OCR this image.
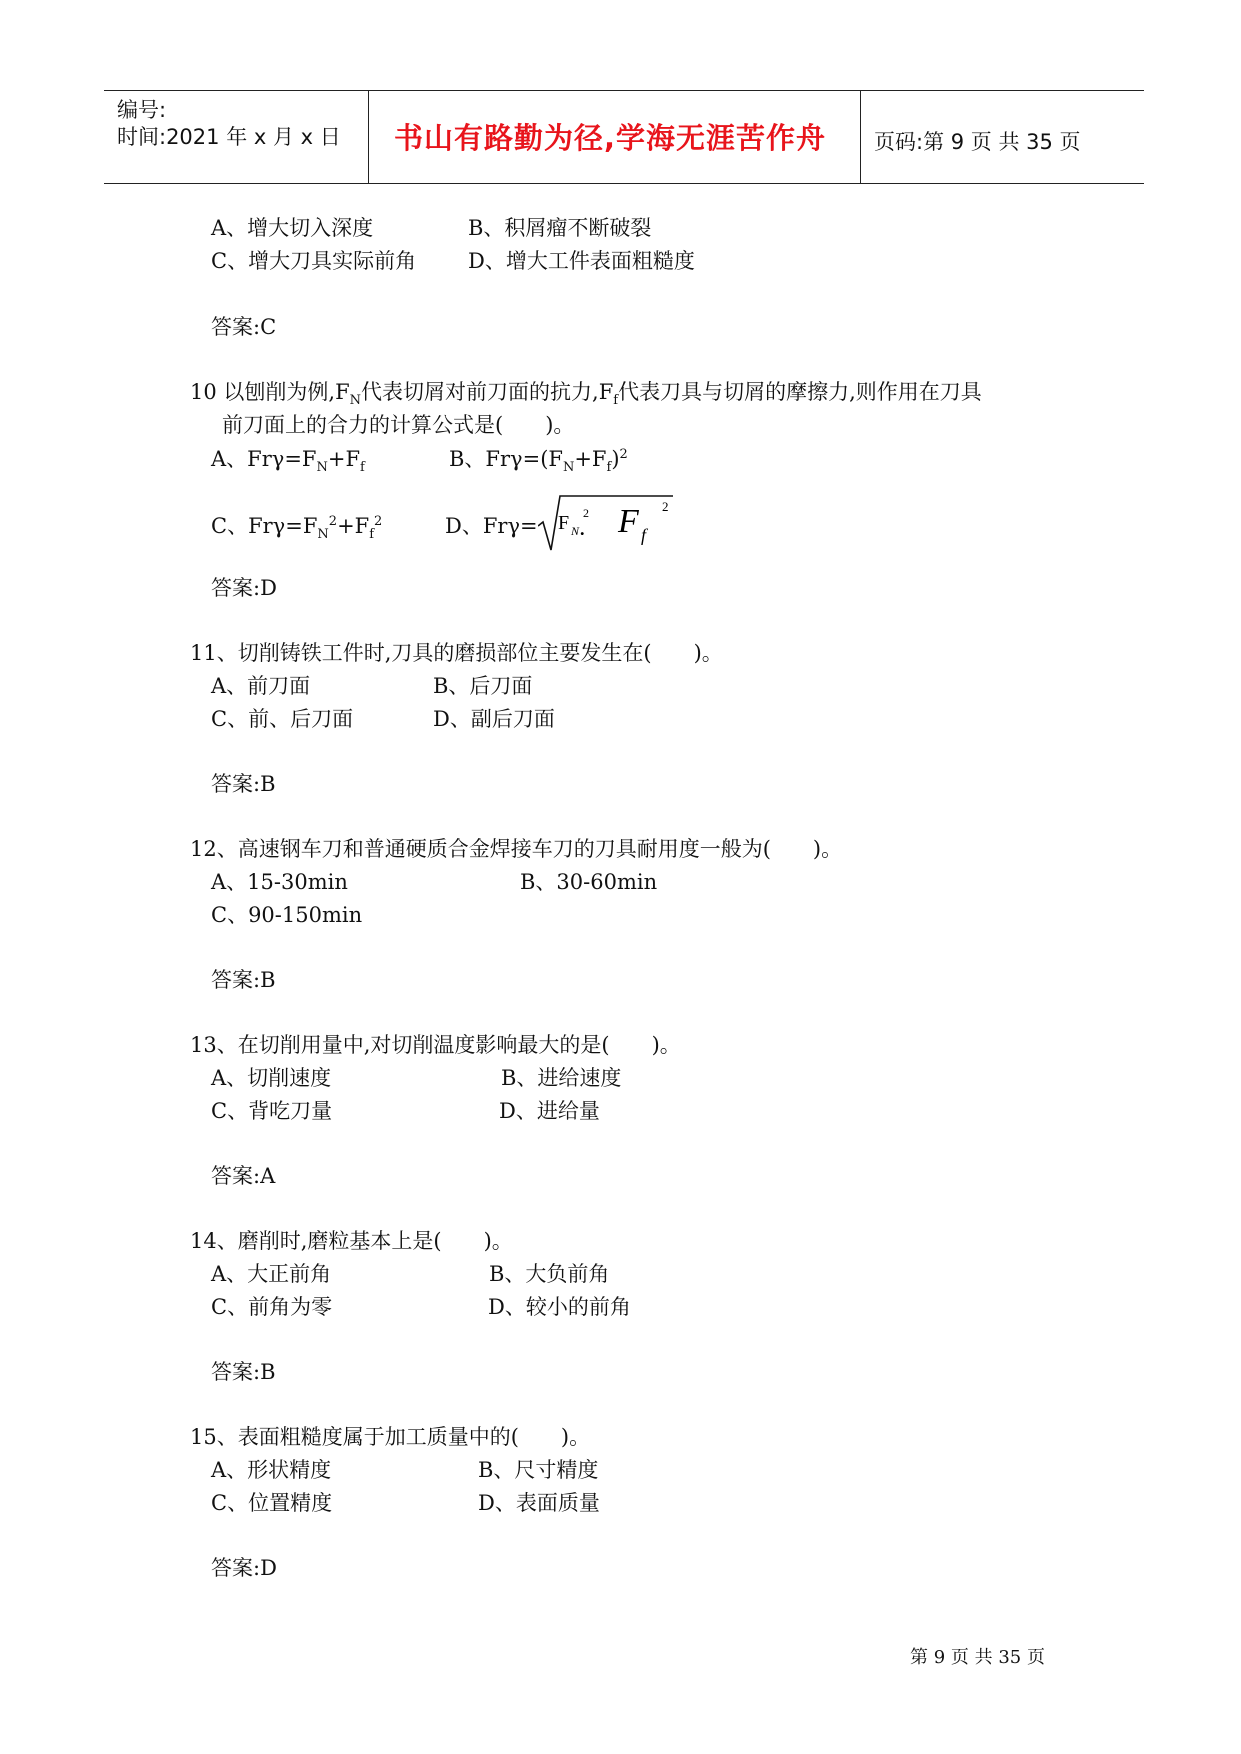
编号:
时间:2021 年 x 月 x 日 书山有路勤为径,学海无涯苦作舟 页码:第 9 页 共 35 页
A、增大切入深度	B、积屑瘤不断破裂
C、增大刀具实际前角 D、增大工件表面粗糙度
答案:C
10 以刨削为例$,F_N$代表切屑对前刀面的抗力$,F_f$代表刀具与切屑的摩擦力,则作用在刀具
前刀面上的合力的计算公式是(　　)。
A、$Fr\gamma=F_N+F_f$	B、$Fr\gamma=(F_N+F_f)^2$
C、$Fr\gamma=F_N^2+F_f^2$	D、Frγ= F N
2
. F f
2
答案:D
11、切削铸铁工件时,刀具的磨损部位主要发生在(　　)。
A、前刀面	B、后刀面
C、前、后刀面	D、副后刀面
答案:B
12、高速钢车刀和普通硬质合金焊接车刀的刀具耐用度一般为(　　)。
A、15-30min	B、30-60min
C、90-150min
答案:B
13、在切削用量中,对切削温度影响最大的是(　　)。
A、切削速度	B、进给速度
C、背吃刀量	D、进给量
答案:A
14、磨削时,磨粒基本上是(　　)。
A、大正前角	B、大负前角
C、前角为零	D、较小的前角
答案:B
15、表面粗糙度属于加工质量中的(　　)。
A、形状精度	B、尺寸精度
C、位置精度	D、表面质量
答案:D
第 9 页 共 35 页
